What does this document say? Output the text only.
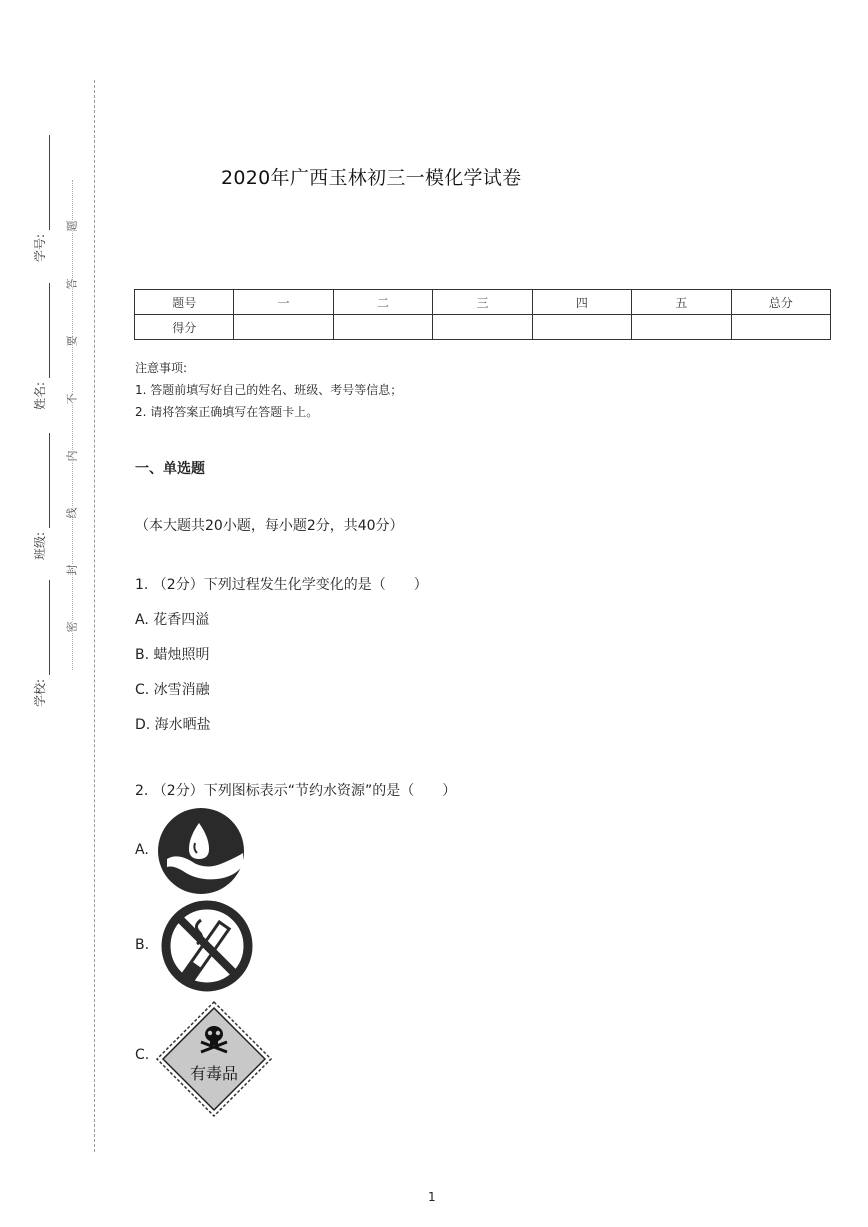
学号:
姓名:
班级:
学校:
题
答
要
不
内
线
封
密
2020年广西玉林初三一模化学试卷
题号	一	二	三	四	五	总分
得分						
注意事项:
1. 答题前填写好自己的姓名、班级、考号等信息；
2. 请将答案正确填写在答题卡上。
一、单选题
（本大题共20小题，每小题2分，共40分）
1. （2分）下列过程发生化学变化的是（　　）
A. 花香四溢
B. 蜡烛照明
C. 冰雪消融
D. 海水晒盐
2. （2分）下列图标表示“节约水资源”的是（　　）
A.
B.
C.
有毒品
1
